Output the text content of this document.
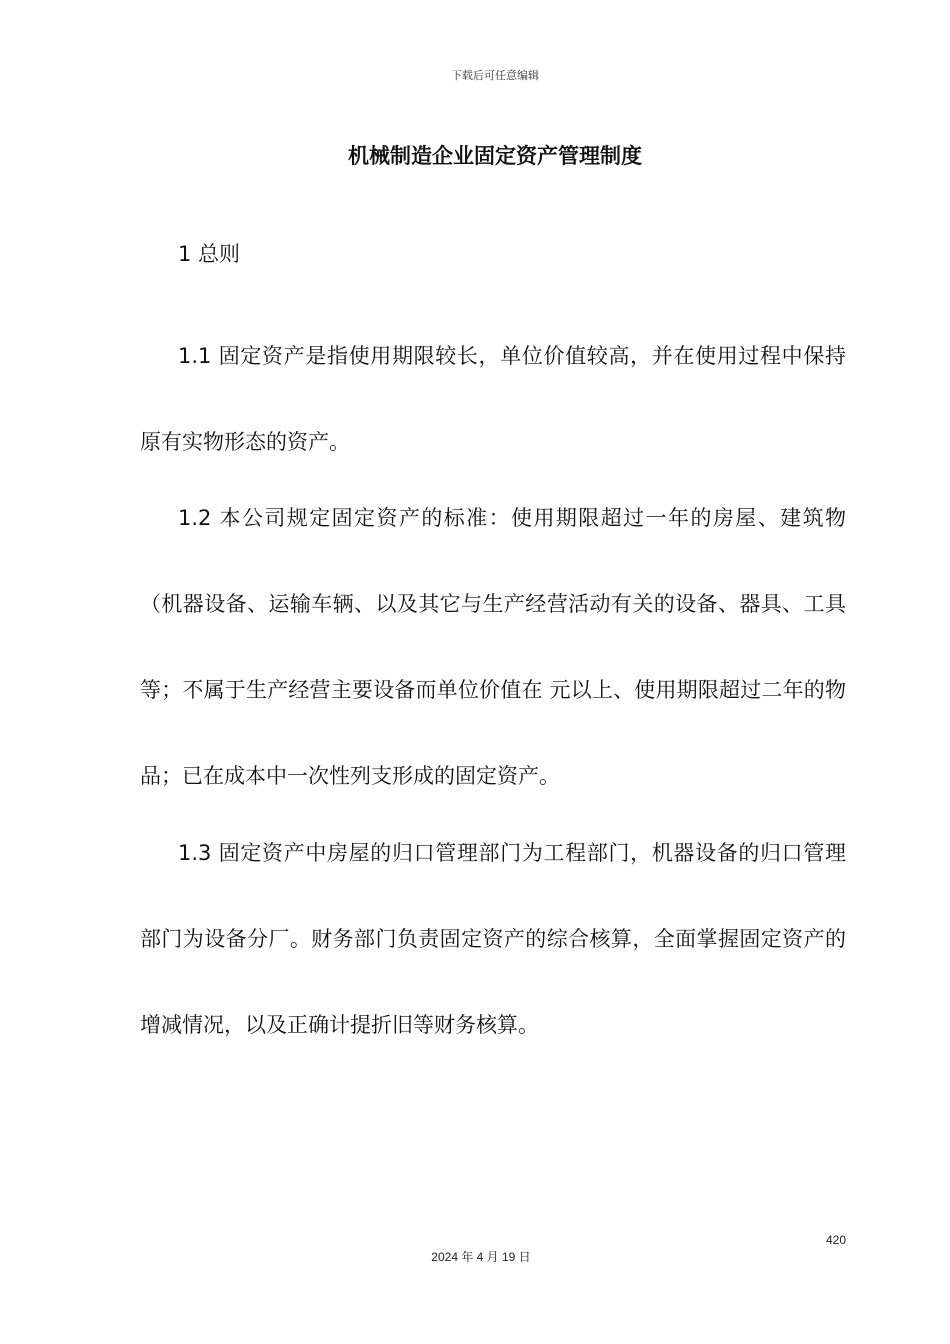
下载后可任意编辑
机械制造企业固定资产管理制度
1 总则

1.1 固定资产是指使用期限较长，单位价值较高，并在使用过程中保持原有实物形态的资产。

1.2 本公司规定固定资产的标准：使用期限超过一年的房屋、建筑物（机器设备、运输车辆、以及其它与生产经营活动有关的设备、器具、工具等；不属于生产经营主要设备而单位价值在 元以上、使用期限超过二年的物品；已在成本中一次性列支形成的固定资产。

1.3 固定资产中房屋的归口管理部门为工程部门，机器设备的归口管理部门为设备分厂。财务部门负责固定资产的综合核算，全面掌握固定资产的增减情况，以及正确计提折旧等财务核算。

420
2024 年 4 月 19 日
